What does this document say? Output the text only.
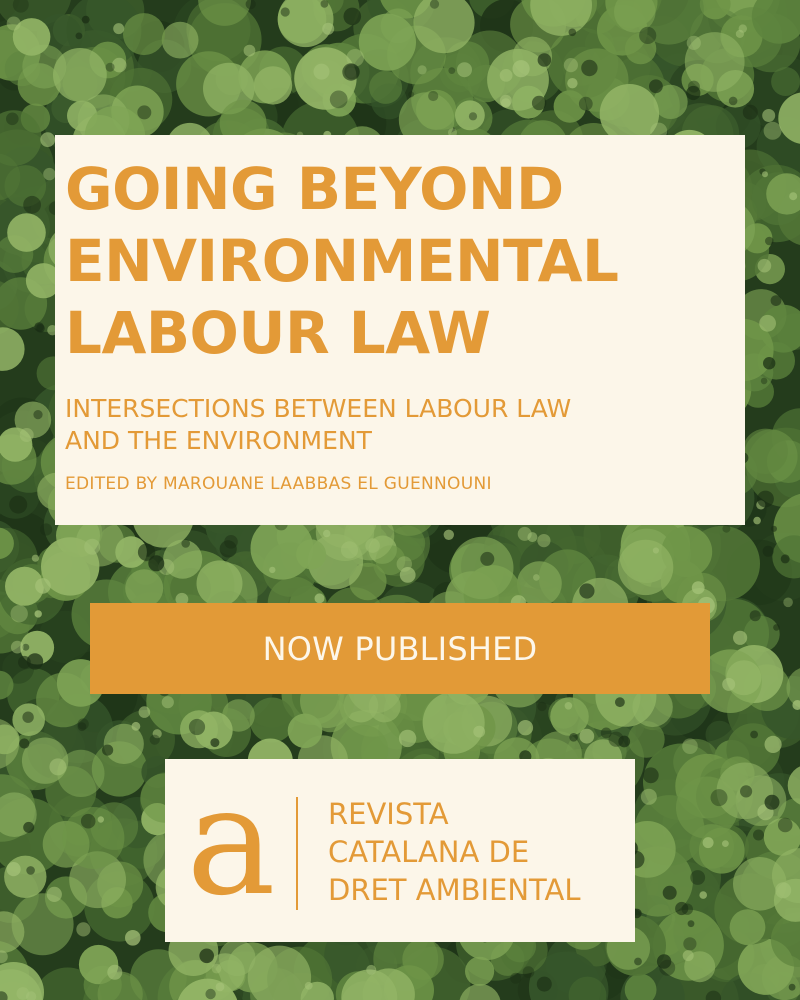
GOING BEYOND
ENVIRONMENTAL
LABOUR LAW
INTERSECTIONS BETWEEN LABOUR LAW
AND THE ENVIRONMENT
EDITED BY MAROUANE LAABBAS EL GUENNOUNI
NOW PUBLISHED
a REVISTA
CATALANA DE
DRET AMBIENTAL
